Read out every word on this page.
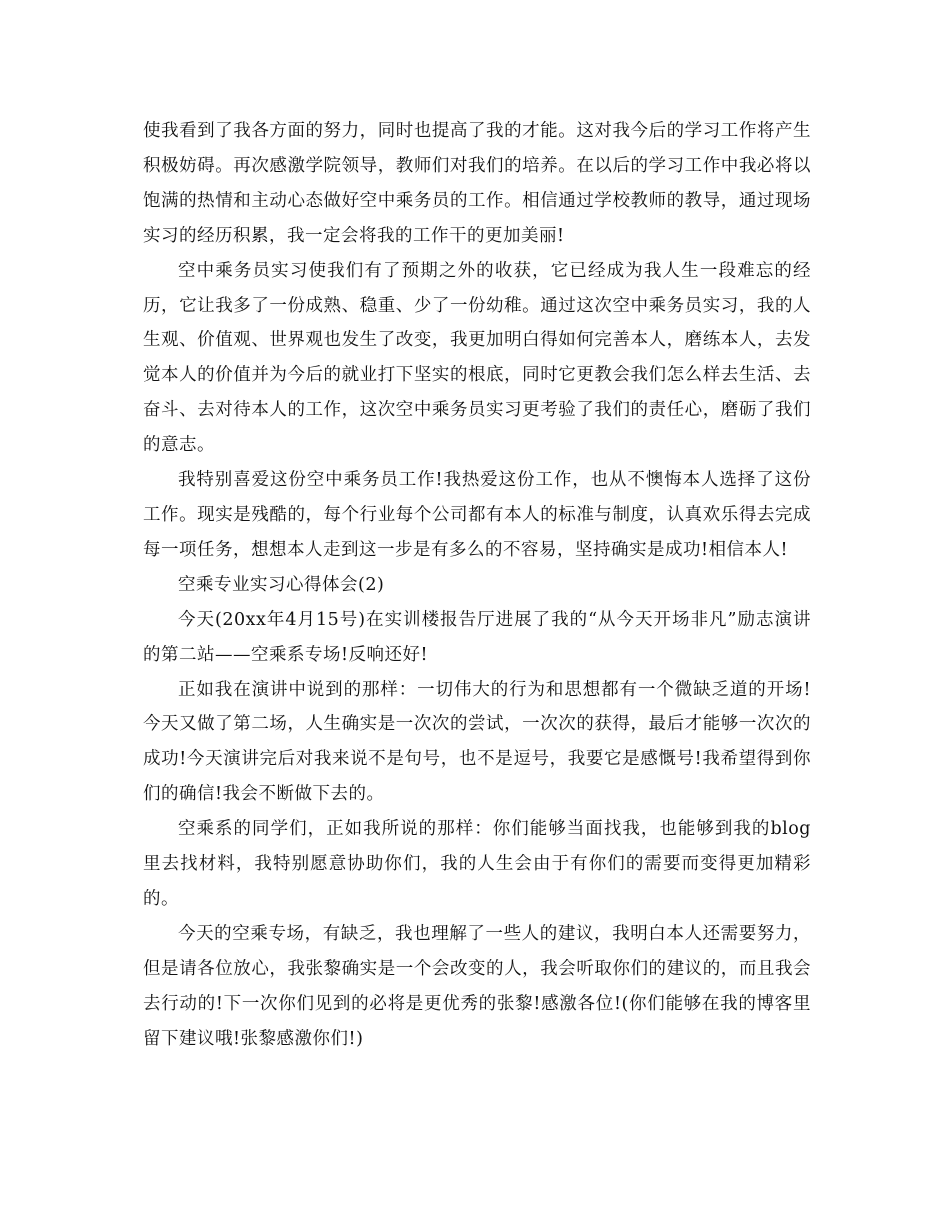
使我看到了我各方面的努力，同时也提高了我的才能。这对我今后的学习工作将产生积极妨碍。再次感激学院领导，教师们对我们的培养。在以后的学习工作中我必将以饱满的热情和主动心态做好空中乘务员的工作。相信通过学校教师的教导，通过现场实习的经历积累，我一定会将我的工作干的更加美丽!

空中乘务员实习使我们有了预期之外的收获，它已经成为我人生一段难忘的经历，它让我多了一份成熟、稳重、少了一份幼稚。通过这次空中乘务员实习，我的人生观、价值观、世界观也发生了改变，我更加明白得如何完善本人，磨练本人，去发觉本人的价值并为今后的就业打下坚实的根底，同时它更教会我们怎么样去生活、去奋斗、去对待本人的工作，这次空中乘务员实习更考验了我们的责任心，磨砺了我们的意志。

我特别喜爱这份空中乘务员工作!我热爱这份工作，也从不懊悔本人选择了这份工作。现实是残酷的，每个行业每个公司都有本人的标准与制度，认真欢乐得去完成每一项任务，想想本人走到这一步是有多么的不容易，坚持确实是成功!相信本人!

空乘专业实习心得体会(2)

今天(20xx年4月15号)在实训楼报告厅进展了我的“从今天开场非凡”励志演讲的第二站——空乘系专场!反响还好!

正如我在演讲中说到的那样：一切伟大的行为和思想都有一个微缺乏道的开场!今天又做了第二场，人生确实是一次次的尝试，一次次的获得，最后才能够一次次的成功!今天演讲完后对我来说不是句号，也不是逗号，我要它是感慨号!我希望得到你们的确信!我会不断做下去的。

空乘系的同学们，正如我所说的那样：你们能够当面找我，也能够到我的blog里去找材料，我特别愿意协助你们，我的人生会由于有你们的需要而变得更加精彩的。

今天的空乘专场，有缺乏，我也理解了一些人的建议，我明白本人还需要努力，但是请各位放心，我张黎确实是一个会改变的人，我会听取你们的建议的，而且我会去行动的!下一次你们见到的必将是更优秀的张黎!感激各位!(你们能够在我的博客里留下建议哦!张黎感激你们!)
